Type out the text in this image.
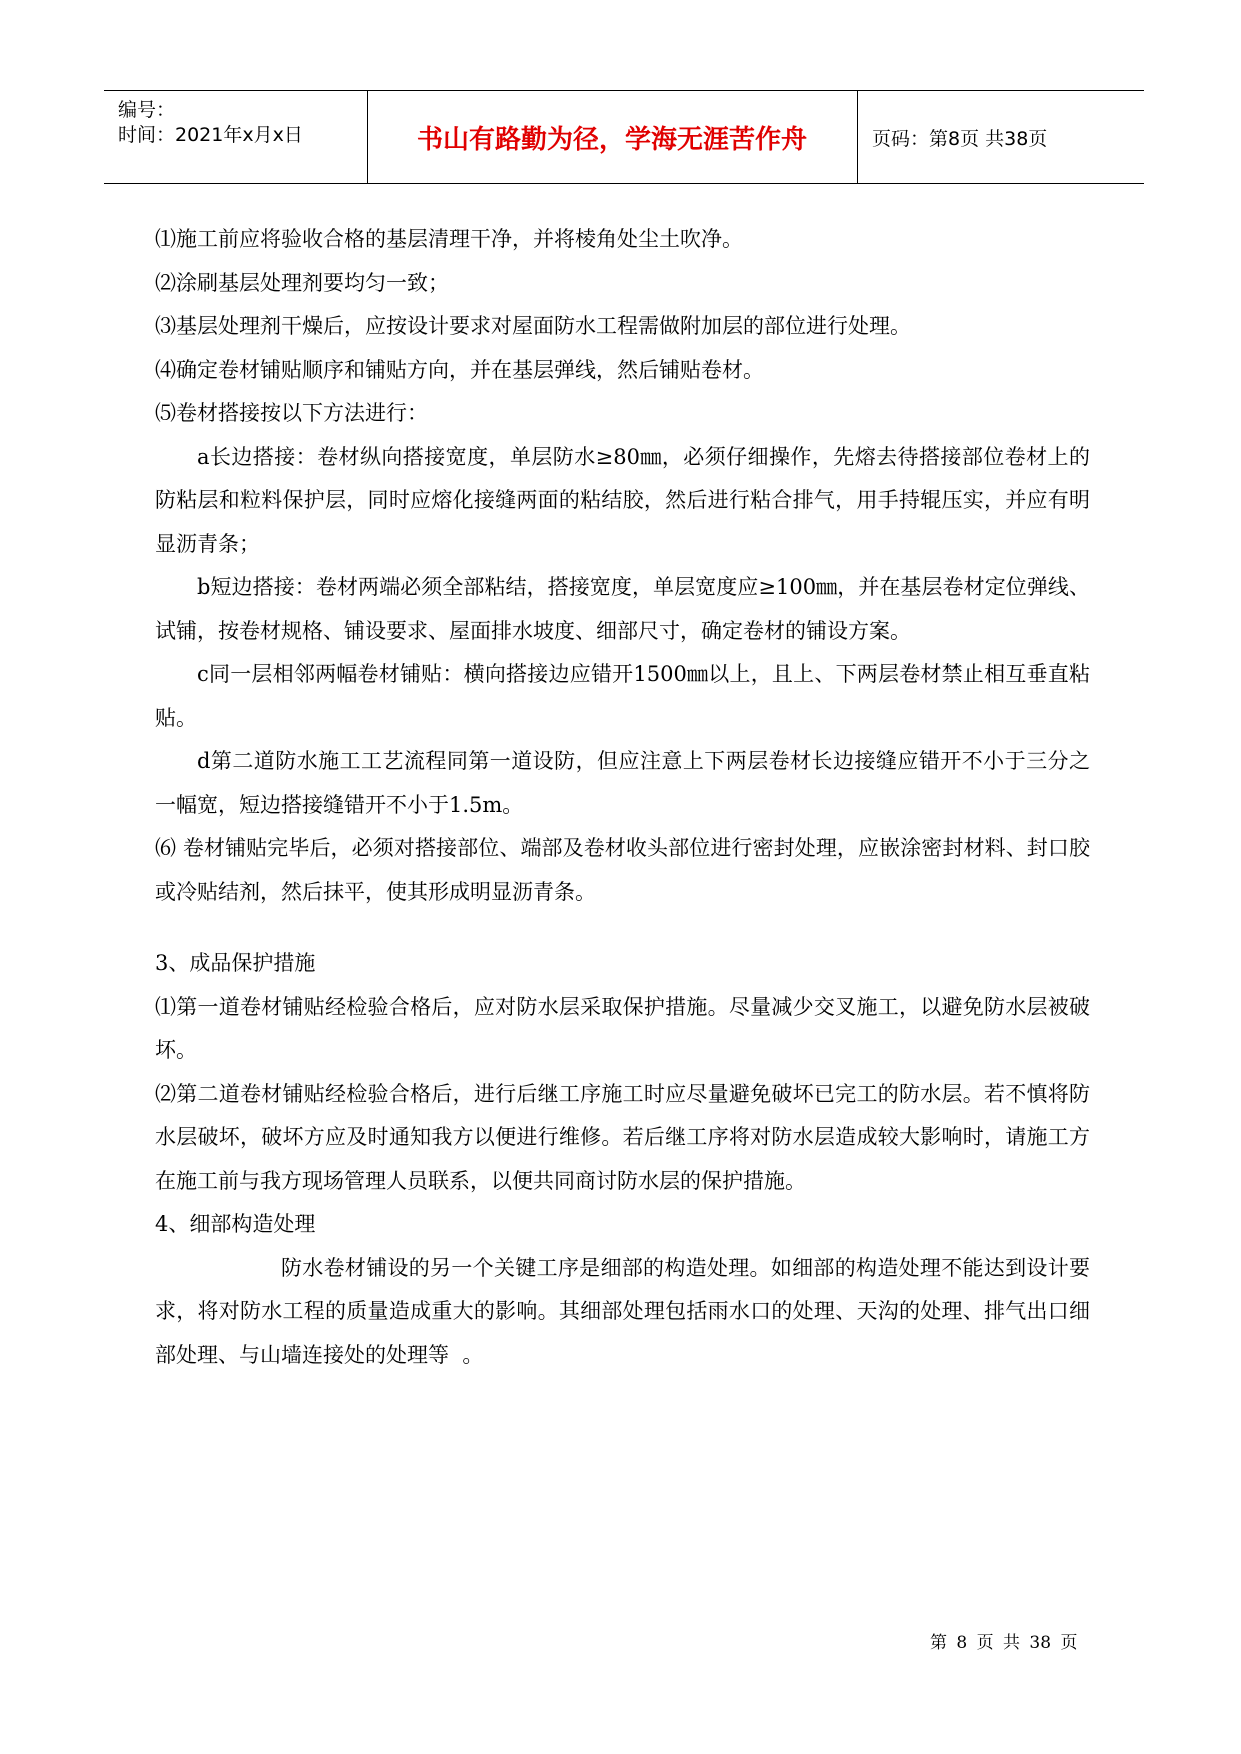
编号：
时间：2021年x月x日	书山有路勤为径，学海无涯苦作舟	页码：第8页 共38页

⑴施工前应将验收合格的基层清理干净，并将棱角处尘土吹净。

⑵涂刷基层处理剂要均匀一致；

⑶基层处理剂干燥后，应按设计要求对屋面防水工程需做附加层的部位进行处理。

⑷确定卷材铺贴顺序和铺贴方向，并在基层弹线，然后铺贴卷材。

⑸卷材搭接按以下方法进行：

a长边搭接：卷材纵向搭接宽度，单层防水≥80㎜，必须仔细操作，先熔去待搭接部位卷材上的防粘层和粒料保护层，同时应熔化接缝两面的粘结胶，然后进行粘合排气，用手持辊压实，并应有明显沥青条；

b短边搭接：卷材两端必须全部粘结，搭接宽度，单层宽度应≥100㎜，并在基层卷材定位弹线、试铺，按卷材规格、铺设要求、屋面排水坡度、细部尺寸，确定卷材的铺设方案。

c同一层相邻两幅卷材铺贴：横向搭接边应错开1500㎜以上，且上、下两层卷材禁止相互垂直粘贴。

d第二道防水施工工艺流程同第一道设防，但应注意上下两层卷材长边接缝应错开不小于三分之一幅宽，短边搭接缝错开不小于1.5m。

⑹ 卷材铺贴完毕后，必须对搭接部位、端部及卷材收头部位进行密封处理，应嵌涂密封材料、封口胶或冷贴结剂，然后抹平，使其形成明显沥青条。

3、成品保护措施

⑴第一道卷材铺贴经检验合格后，应对防水层采取保护措施。尽量减少交叉施工，以避免防水层被破坏。

⑵第二道卷材铺贴经检验合格后，进行后继工序施工时应尽量避免破坏已完工的防水层。若不慎将防水层破坏，破坏方应及时通知我方以便进行维修。若后继工序将对防水层造成较大影响时，请施工方在施工前与我方现场管理人员联系，以便共同商讨防水层的保护措施。

4、细部构造处理

防水卷材铺设的另一个关键工序是细部的构造处理。如细部的构造处理不能达到设计要求，将对防水工程的质量造成重大的影响。其细部处理包括雨水口的处理、天沟的处理、排气出口细部处理、与山墙连接处的处理等  。

第 8 页 共 38 页
